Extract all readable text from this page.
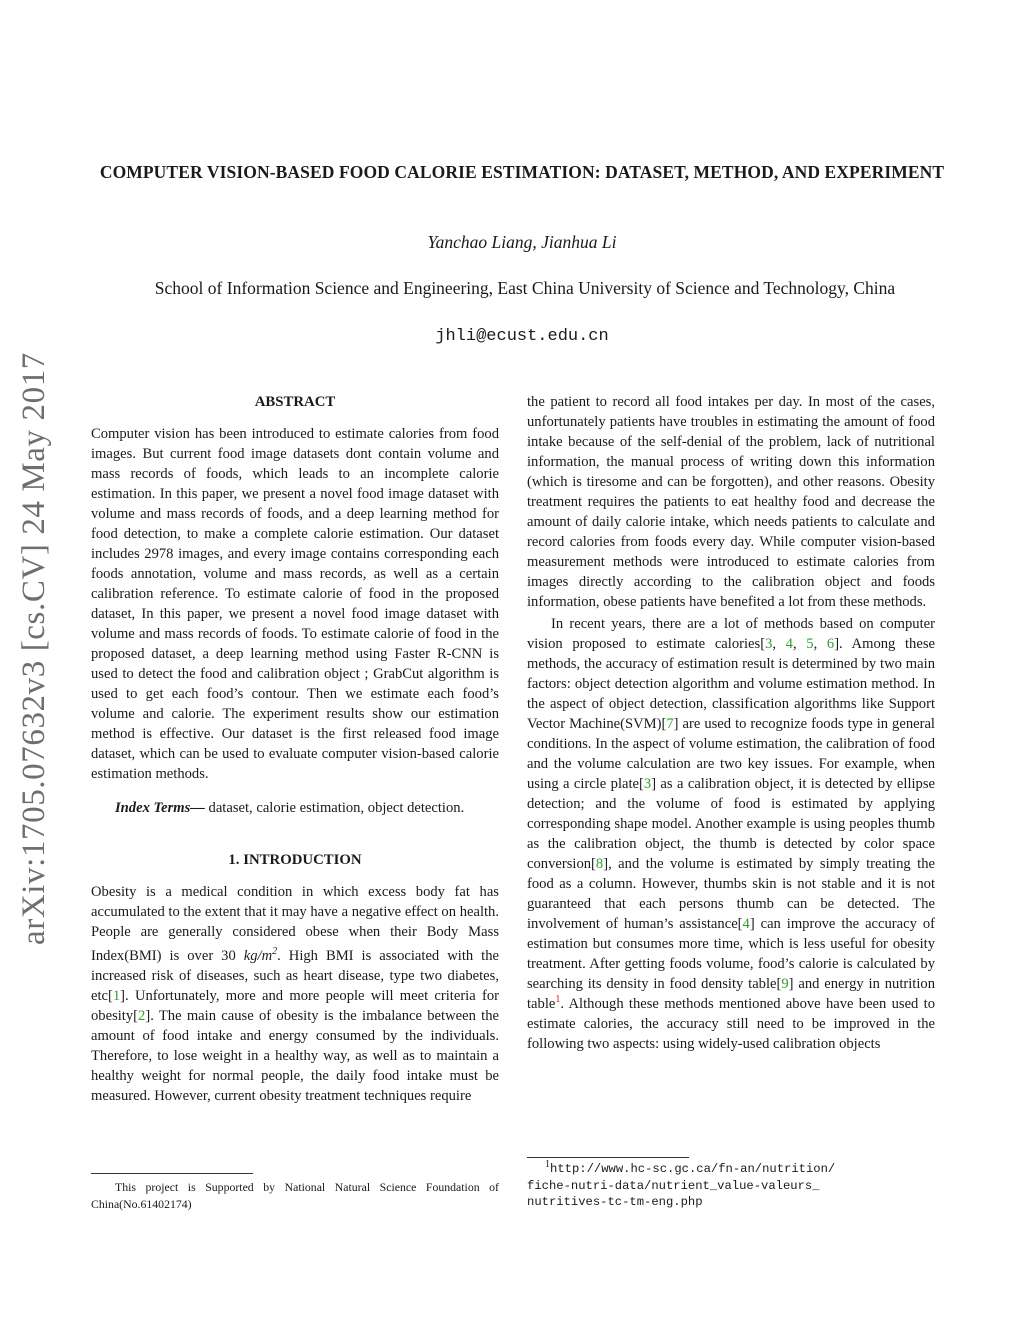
arXiv:1705.07632v3 [cs.CV] 24 May 2017
COMPUTER VISION-BASED FOOD CALORIE ESTIMATION: DATASET, METHOD, AND EXPERIMENT
Yanchao Liang, Jianhua Li
School of Information Science and Engineering, East China University of Science and Technology, China
jhli@ecust.edu.cn
ABSTRACT

Computer vision has been introduced to estimate calories from food images. But current food image datasets dont contain volume and mass records of foods, which leads to an incomplete calorie estimation. In this paper, we present a novel food image dataset with volume and mass records of foods, and a deep learning method for food detection, to make a complete calorie estimation. Our dataset includes 2978 images, and every image contains corresponding each foods annotation, volume and mass records, as well as a certain calibration reference. To estimate calorie of food in the proposed dataset, In this paper, we present a novel food image dataset with volume and mass records of foods. To estimate calorie of food in the proposed dataset, a deep learning method using Faster R-CNN is used to detect the food and calibration object ; GrabCut algorithm is used to get each food’s contour. Then we estimate each food’s volume and calorie. The experiment results show our estimation method is effective. Our dataset is the first released food image dataset, which can be used to evaluate computer vision-based calorie estimation methods.

Index Terms— dataset, calorie estimation, object detection.

1. INTRODUCTION

Obesity is a medical condition in which excess body fat has accumulated to the extent that it may have a negative effect on health. People are generally considered obese when their Body Mass Index(BMI) is over 30 $kg/m^2$. High BMI is associated with the increased risk of diseases, such as heart disease, type two diabetes, etc[1]. Unfortunately, more and more people will meet criteria for obesity[2]. The main cause of obesity is the imbalance between the amount of food intake and energy consumed by the individuals. Therefore, to lose weight in a healthy way, as well as to maintain a healthy weight for normal people, the daily food intake must be measured. However, current obesity treatment techniques require

the patient to record all food intakes per day. In most of the cases, unfortunately patients have troubles in estimating the amount of food intake because of the self-denial of the problem, lack of nutritional information, the manual process of writing down this information (which is tiresome and can be forgotten), and other reasons. Obesity treatment requires the patients to eat healthy food and decrease the amount of daily calorie intake, which needs patients to calculate and record calories from foods every day. While computer vision-based measurement methods were introduced to estimate calories from images directly according to the calibration object and foods information, obese patients have benefited a lot from these methods.

In recent years, there are a lot of methods based on computer vision proposed to estimate calories[3, 4, 5, 6]. Among these methods, the accuracy of estimation result is determined by two main factors: object detection algorithm and volume estimation method. In the aspect of object detection, classification algorithms like Support Vector Machine(SVM)[7] are used to recognize foods type in general conditions. In the aspect of volume estimation, the calibration of food and the volume calculation are two key issues. For example, when using a circle plate[3] as a calibration object, it is detected by ellipse detection; and the volume of food is estimated by applying corresponding shape model. Another example is using peoples thumb as the calibration object, the thumb is detected by color space conversion[8], and the volume is estimated by simply treating the food as a column. However, thumbs skin is not stable and it is not guaranteed that each persons thumb can be detected. The involvement of human’s assistance[4] can improve the accuracy of estimation but consumes more time, which is less useful for obesity treatment. After getting foods volume, food’s calorie is calculated by searching its density in food density table[9] and energy in nutrition table$^1$. Although these methods mentioned above have been used to estimate calories, the accuracy still need to be improved in the following two aspects: using widely-used calibration objects

This project is Supported by National Natural Science Foundation of China(No.61402174)
$^1$http://www.hc-sc.gc.ca/fn-an/nutrition/
fiche-nutri-data/nutrient_value-valeurs_
nutritives-tc-tm-eng.php
